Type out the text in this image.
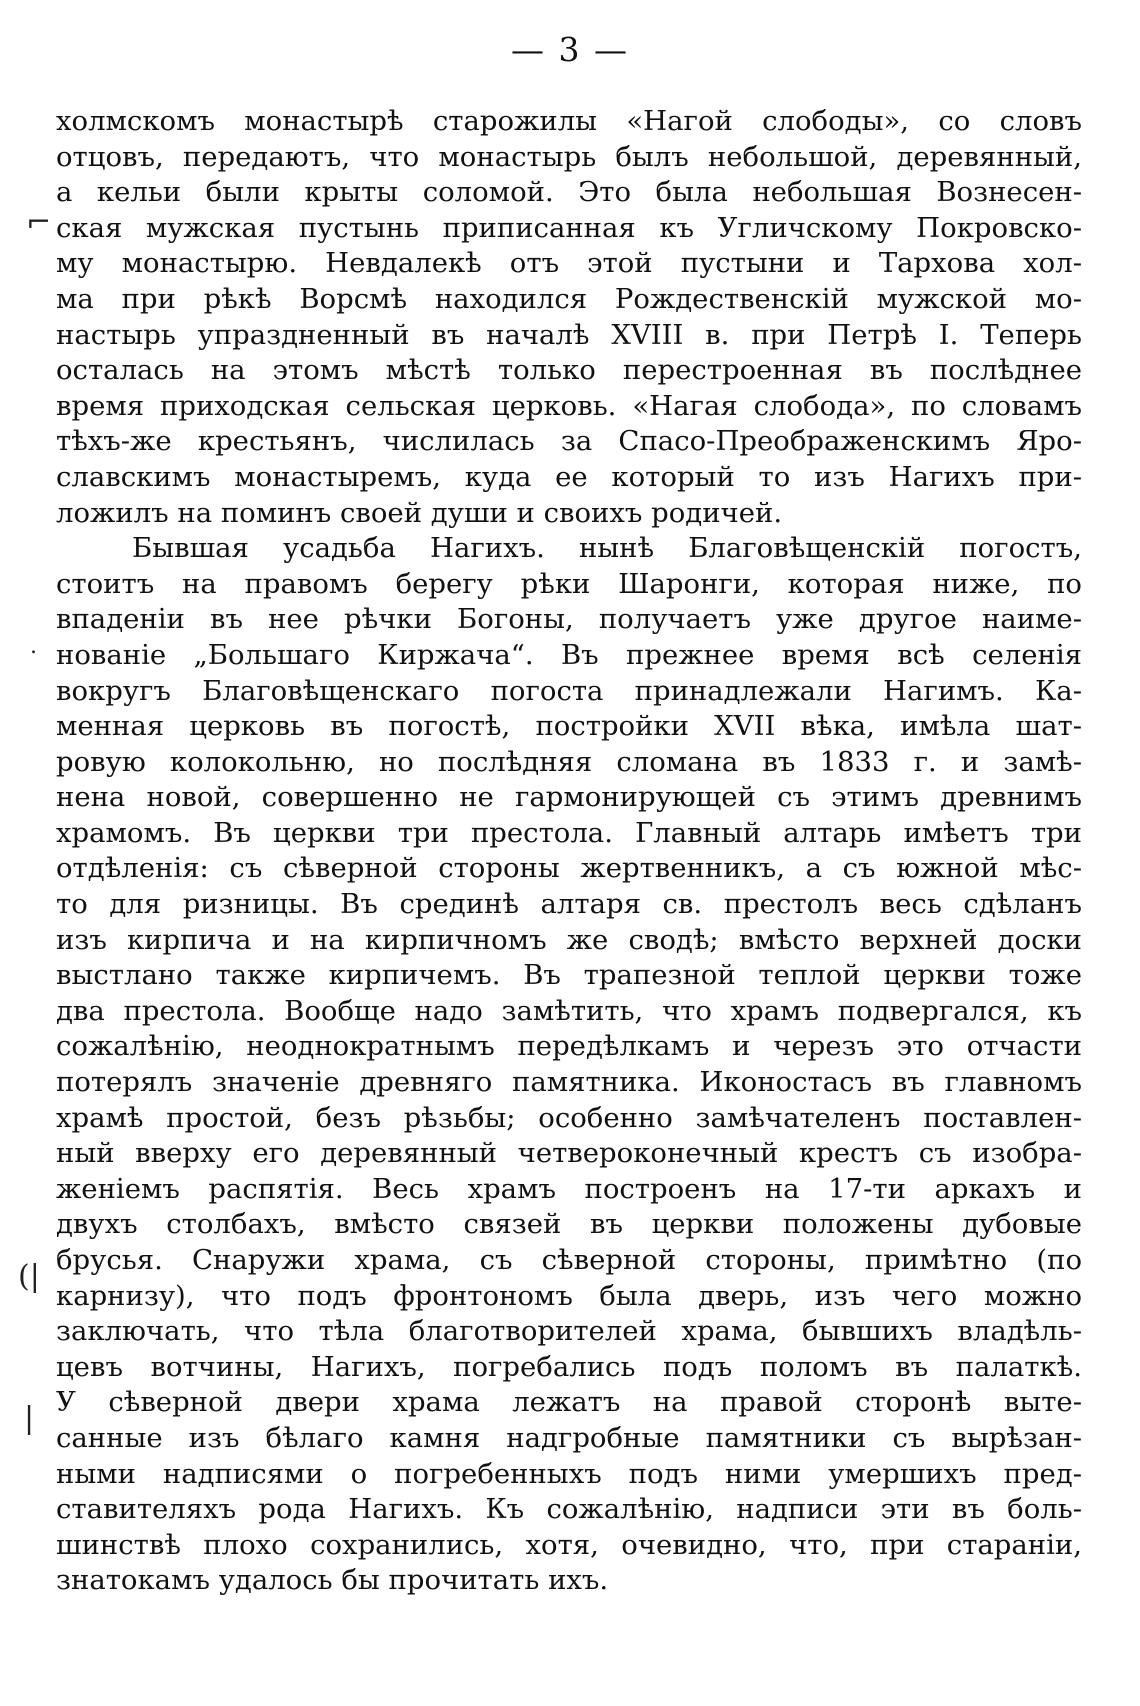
— 3 —
⌐
.
(|
|
холмскомъ монастырѣ старожилы «Нагой слободы», со словъ
отцовъ, передаютъ, что монастырь былъ небольшой, деревянный,
а кельи были крыты соломой. Это была небольшая Вознесен-
ская мужская пустынь приписанная къ Угличскому Покровско-
му монастырю. Невдалекѣ отъ этой пустыни и Тархова хол-
ма при рѣкѣ Ворсмѣ находился Рождественскій мужской мо-
настырь упраздненный въ началѣ XVIII в. при Петрѣ I. Теперь
осталась на этомъ мѣстѣ только перестроенная въ послѣднее
время приходская сельская церковь. «Нагая слобода», по словамъ
тѣхъ-же крестьянъ, числилась за Спасо-Преображенскимъ Яро-
славскимъ монастыремъ, куда ее который то изъ Нагихъ при-
ложилъ на поминъ своей души и своихъ родичей.
Бывшая усадьба Нагихъ. нынѣ Благовѣщенскій погостъ,
стоитъ на правомъ берегу рѣки Шаронги, которая ниже, по
впаденіи въ нее рѣчки Богоны, получаетъ уже другое наиме-
нованіе „Большаго Киржача“. Въ прежнее время всѣ селенія
вокругъ Благовѣщенскаго погоста принадлежали Нагимъ. Ка-
менная церковь въ погостѣ, постройки XVII вѣка, имѣла шат-
ровую колокольню, но послѣдняя сломана въ 1833 г. и замѣ-
нена новой, совершенно не гармонирующей съ этимъ древнимъ
храмомъ. Въ церкви три престола. Главный алтарь имѣетъ три
отдѣленія: съ сѣверной стороны жертвенникъ, а съ южной мѣс-
то для ризницы. Въ срединѣ алтаря св. престолъ весь сдѣланъ
изъ кирпича и на кирпичномъ же сводѣ; вмѣсто верхней доски
выстлано также кирпичемъ. Въ трапезной теплой церкви тоже
два престола. Вообще надо замѣтить, что храмъ подвергался, къ
сожалѣнію, неоднократнымъ передѣлкамъ и черезъ это отчасти
потерялъ значеніе древняго памятника. Иконостасъ въ главномъ
храмѣ простой, безъ рѣзьбы; особенно замѣчателенъ поставлен-
ный вверху его деревянный четвероконечный крестъ съ изобра-
женіемъ распятія. Весь храмъ построенъ на 17-ти аркахъ и
двухъ столбахъ, вмѣсто связей въ церкви положены дубовые
брусья. Снаружи храма, съ сѣверной стороны, примѣтно (по
карнизу), что подъ фронтономъ была дверь, изъ чего можно
заключать, что тѣла благотворителей храма, бывшихъ владѣль-
цевъ вотчины, Нагихъ, погребались подъ поломъ въ палаткѣ.
У сѣверной двери храма лежатъ на правой сторонѣ выте-
санные изъ бѣлаго камня надгробные памятники съ вырѣзан-
ными надписями о погребенныхъ подъ ними умершихъ пред-
ставителяхъ рода Нагихъ. Къ сожалѣнію, надписи эти въ боль-
шинствѣ плохо сохранились, хотя, очевидно, что, при стараніи,
знатокамъ удалось бы прочитать ихъ.
